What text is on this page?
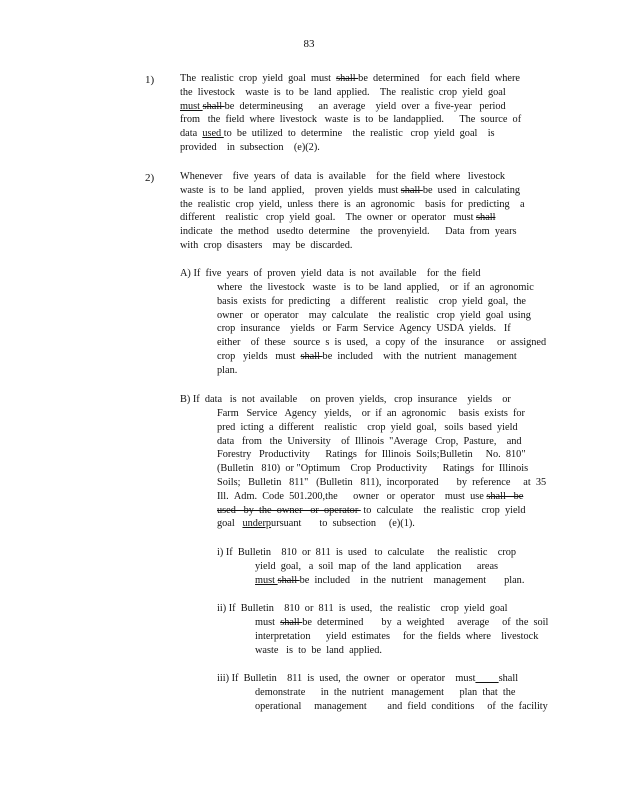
83
1)	The  realistic  crop  yield  goal  must  shall be  determined    for  each  field  where
the  livestock    waste  is  to  be  land  applied.    The  realistic  crop  yield  goal
must shall be  determineusing      an  average    yield  over  a  five-year   period
from   the  field  where  livestock   waste  is  to  be  landapplied.      The  source  of
data  used to  be  utilized  to  determine    the  realistic   crop  yield  goal    is
provided    in  subsection    (e)(2).
2)	Whenever    five  years  of  data  is  available    for  the  field  where   livestock
waste  is  to  be  land  applied,    proven  yields  must shall be  used  in  calculating
the  realistic  crop  yield,  unless  there  is  an  agronomic    basis  for  predicting    a
different    realistic   crop  yield  goal.    The  owner  or  operator   must shall
indicate   the  method   usedto  determine    the  provenyield.      Data  from  years
with  crop  disasters    may  be  discarded.
A) If  five  years  of  proven  yield  data  is  not  available    for  the  field
where   the  livestock   waste   is  to  be  land  applied,    or  if  an  agronomic
basis  exists  for  predicting    a  different    realistic    crop  yield  goal,  the
owner   or  operator    may  calculate    the  realistic   crop  yield  goal  using
crop  insurance    yields   or  Farm  Service  Agency  USDA  yields.   If
either    of  these   source  s  is  used,   a  copy  of  the   insurance     or  assigned
crop   yields   must  shall be  included    with  the  nutrient   management
plan.
B) If  data   is  not  available     on  proven  yields,   crop  insurance    yields    or
Farm   Service   Agency   yields,    or  if  an  agronomic     basis  exists  for
pred  icting  a  different    realistic    crop  yield  goal,   soils  based  yield
data   from   the  University    of  Illinois  "Average   Crop,  Pasture,    and
Forestry   Productivity      Ratings   for  Illinois  Soils;Bulletin     No.  810"
(Bulletin   810)  or "Optimum    Crop  Productivity      Ratings   for  Illinois
Soils;   Bulletin   811"   (Bulletin   811),  incorporated       by  reference     at  35
Ill.  Adm.  Code  501.200,the      owner   or  operator    must  use shall   be
used   by  the  owner   or  operator  to  calculate    the  realistic   crop  yield
goal   underpursuant       to  subsection     (e)(1).
i) If  Bulletin    810  or  811  is  used   to  calculate     the  realistic    crop
yield  goal,   a  soil  map  of  the  land  application      areas
must shall be  included    in  the  nutrient    management       plan.
ii) If  Bulletin    810  or  811  is  used,   the  realistic    crop  yield  goal
must  shall be  determined       by  a  weighted     average     of  the  soil
interpretation      yield  estimates     for  the  fields  where    livestock
waste   is  to  be  land  applied.
iii) If  Bulletin    811  is  used,  the  owner   or  operator    must shall
demonstrate      in  the  nutrient   management      plan  that  the
operational     management        and  field  conditions     of  the  facility
